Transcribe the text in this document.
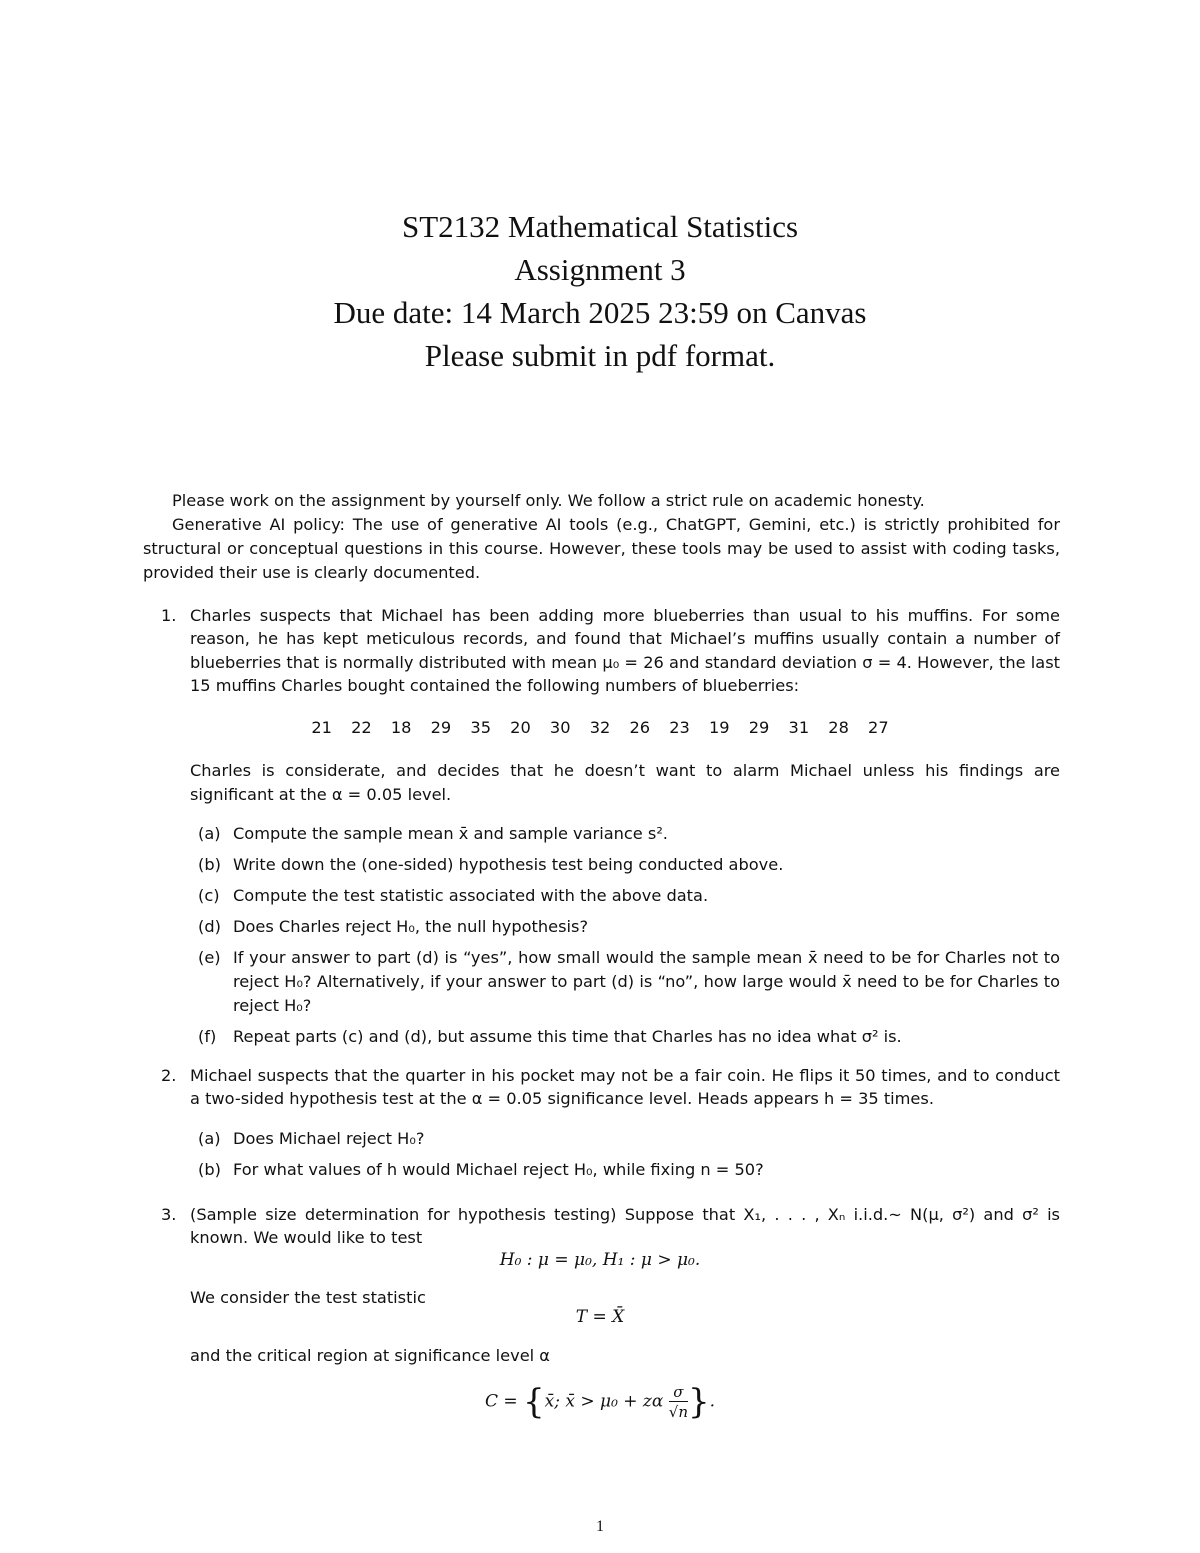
ST2132 Mathematical Statistics
Assignment 3
Due date: 14 March 2025 23:59 on Canvas
Please submit in pdf format.
Please work on the assignment by yourself only. We follow a strict rule on academic honesty.
Generative AI policy: The use of generative AI tools (e.g., ChatGPT, Gemini, etc.) is strictly prohibited for structural or conceptual questions in this course. However, these tools may be used to assist with coding tasks, provided their use is clearly documented.
1. Charles suspects that Michael has been adding more blueberries than usual to his muffins. For some reason, he has kept meticulous records, and found that Michael’s muffins usually contain a number of blueberries that is normally distributed with mean μ₀ = 26 and standard deviation σ = 4. However, the last 15 muffins Charles bought contained the following numbers of blueberries:
21 22 18 29 35 20 30 32 26 23 19 29 31 28 27
Charles is considerate, and decides that he doesn’t want to alarm Michael unless his findings are significant at the α = 0.05 level.
(a) Compute the sample mean x̄ and sample variance s².
(b) Write down the (one-sided) hypothesis test being conducted above.
(c) Compute the test statistic associated with the above data.
(d) Does Charles reject H₀, the null hypothesis?
(e) If your answer to part (d) is “yes”, how small would the sample mean x̄ need to be for Charles not to reject H₀? Alternatively, if your answer to part (d) is “no”, how large would x̄ need to be for Charles to reject H₀?
(f) Repeat parts (c) and (d), but assume this time that Charles has no idea what σ² is.
2. Michael suspects that the quarter in his pocket may not be a fair coin. He flips it 50 times, and to conduct a two-sided hypothesis test at the α = 0.05 significance level. Heads appears h = 35 times.
(a) Does Michael reject H₀?
(b) For what values of h would Michael reject H₀, while fixing n = 50?
3. (Sample size determination for hypothesis testing) Suppose that X₁, . . . , Xₙ i.i.d.∼ N(μ, σ²) and σ² is known. We would like to test
H₀ : μ = μ₀, H₁ : μ > μ₀.
We consider the test statistic
T = X̄
and the critical region at significance level α
C = {x̄; x̄ > μ₀ + zα $\frac{\sigma}{√n}$ }.
1
